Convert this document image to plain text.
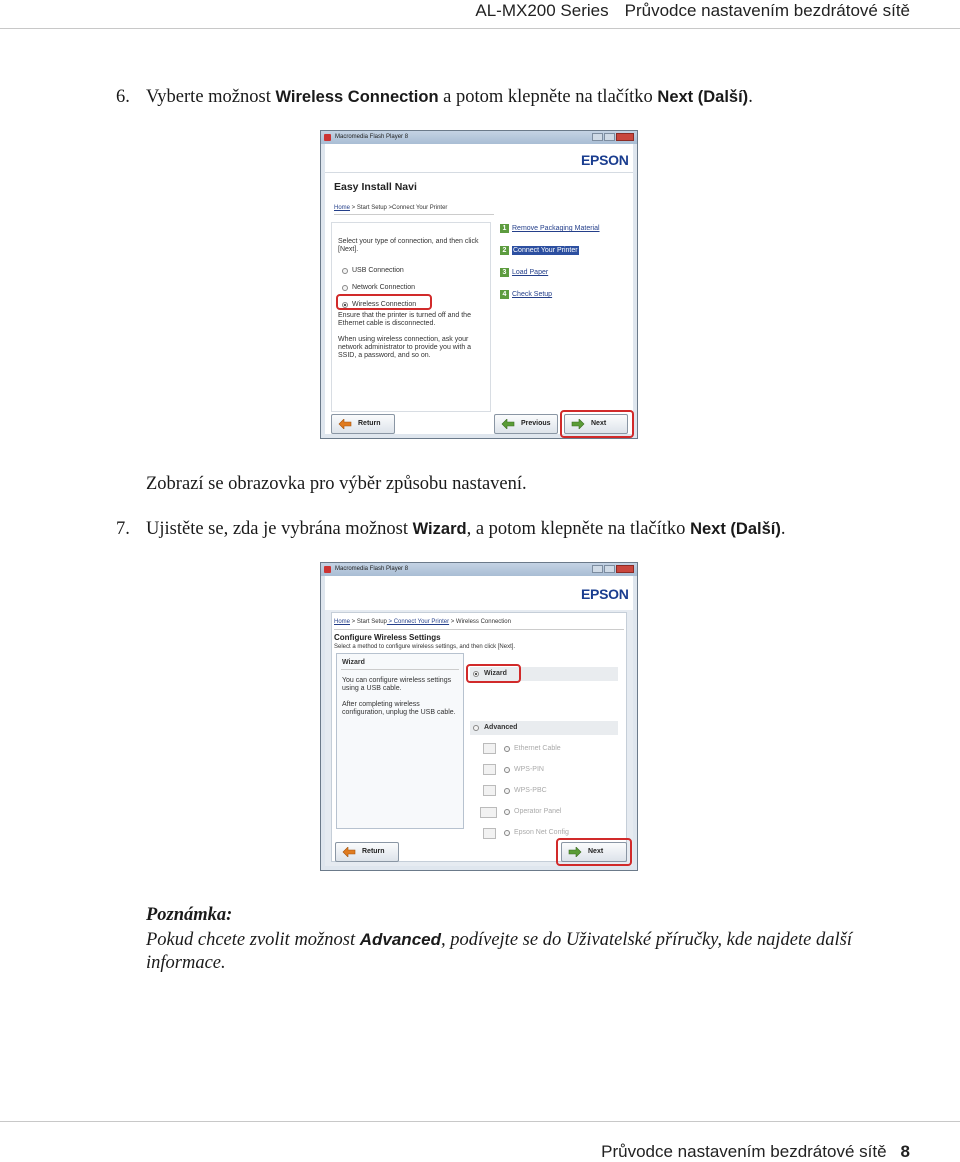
AL-MX200 Series Průvodce nastavením bezdrátové sítě
6. Vyberte možnost Wireless Connection a potom klepněte na tlačítko Next (Další).
Macromedia Flash Player 8
EPSON
Easy Install Navi
Home > Start Setup >Connect Your Printer
Select your type of connection, and then click
[Next].
USB Connection
Network Connection
Wireless Connection
Ensure that the printer is turned off and the
Ethernet cable is disconnected.
When using wireless connection, ask your
network administrator to provide you with a
SSID, a password, and so on.
1 Remove Packaging Material
2 Connect Your Printer
3 Load Paper
4 Check Setup
Return	Previous	Next
Zobrazí se obrazovka pro výběr způsobu nastavení.
7. Ujistěte se, zda je vybrána možnost Wizard, a potom klepněte na tlačítko Next (Další).
Macromedia Flash Player 8
EPSON
Home > Start Setup > Connect Your Printer > Wireless Connection
Configure Wireless Settings
Select a method to configure wireless settings, and then click [Next].
Wizard
You can configure wireless settings
using a USB cable.
After completing wireless
configuration, unplug the USB cable.
Wizard
Advanced
Ethernet Cable
WPS-PIN
WPS-PBC
Operator Panel
Epson Net Config
Return	Next
Poznámka:
Pokud chcete zvolit možnost Advanced, podívejte se do Uživatelské příručky, kde najdete další informace.
Průvodce nastavením bezdrátové sítě 8
